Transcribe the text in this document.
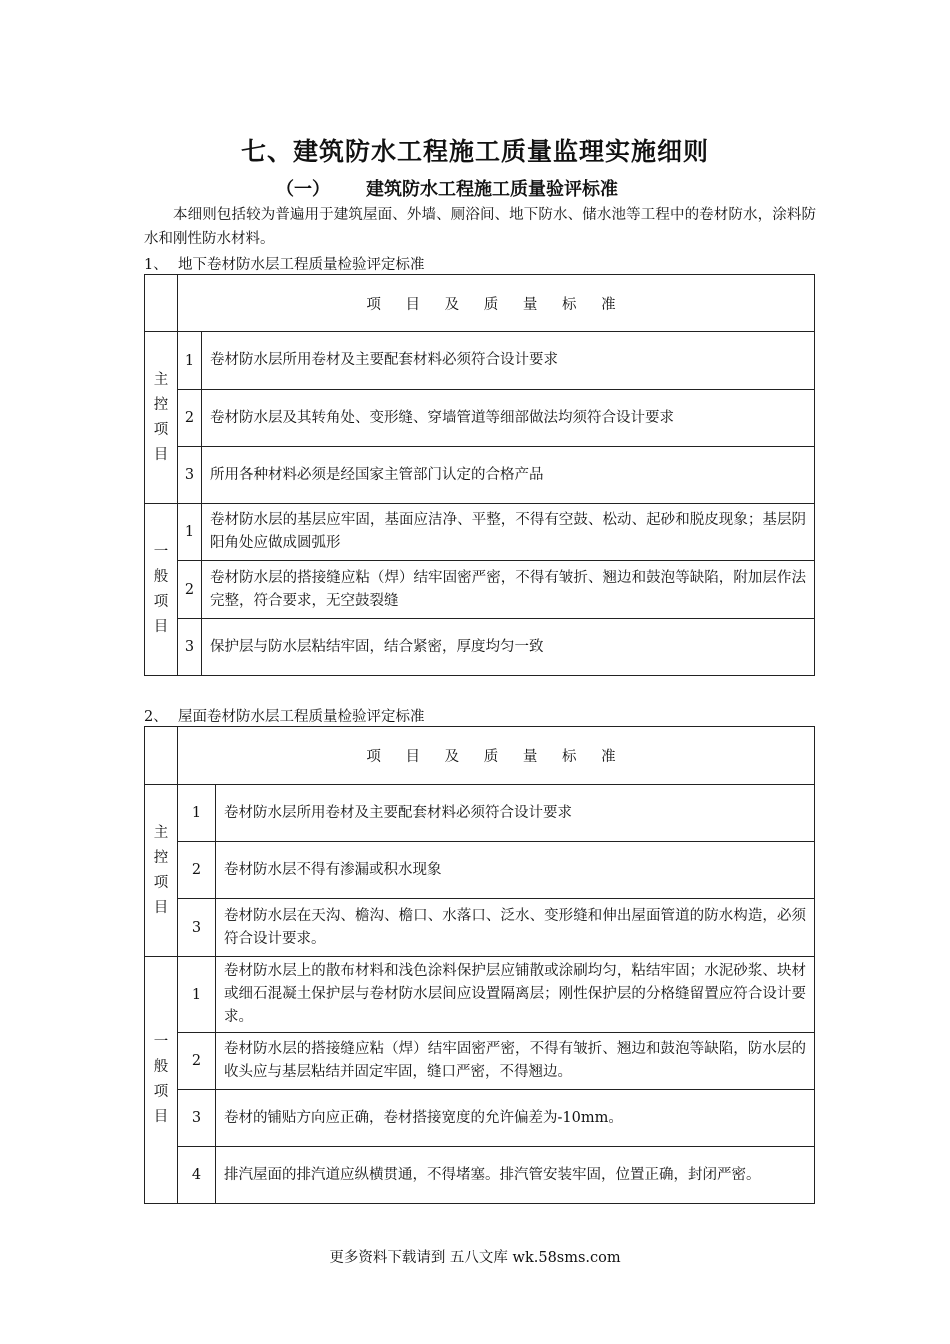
七、建筑防水工程施工质量监理实施细则
（一） 建筑防水工程施工质量验评标准
本细则包括较为普遍用于建筑屋面、外墙、厕浴间、地下防水、储水池等工程中的卷材防水，涂料防水和刚性防水材料。
1、 地下卷材防水层工程质量检验评定标准
	项 目 及 质 量 标 准	

主
控
项
目	1	卷材防水层所用卷材及主要配套材料必须符合设计要求
	2	卷材防水层及其转角处、变形缝、穿墙管道等细部做法均须符合设计要求
	3	所用各种材料必须是经国家主管部门认定的合格产品

一
般
项
目	1	卷材防水层的基层应牢固，基面应洁净、平整，不得有空鼓、松动、起砂和脱皮现象；基层阴阳角处应做成圆弧形
	2	卷材防水层的搭接缝应粘（焊）结牢固密严密，不得有皱折、翘边和鼓泡等缺陷，附加层作法完整，符合要求，无空鼓裂缝
	3	保护层与防水层粘结牢固，结合紧密，厚度均匀一致
2、 屋面卷材防水层工程质量检验评定标准
	项 目 及 质 量 标 准	

主
控
项
目	1	卷材防水层所用卷材及主要配套材料必须符合设计要求
	2	卷材防水层不得有渗漏或积水现象
	3	卷材防水层在天沟、檐沟、檐口、水落口、泛水、变形缝和伸出屋面管道的防水构造，必须符合设计要求。

一
般
项
目	1	卷材防水层上的散布材料和浅色涂料保护层应铺散或涂刷均匀，粘结牢固；水泥砂浆、块材或细石混凝土保护层与卷材防水层间应设置隔离层；刚性保护层的分格缝留置应符合设计要求。
	2	卷材防水层的搭接缝应粘（焊）结牢固密严密，不得有皱折、翘边和鼓泡等缺陷，防水层的收头应与基层粘结并固定牢固，缝口严密，不得翘边。
	3	卷材的铺贴方向应正确，卷材搭接宽度的允许偏差为-10mm。
	4	排汽屋面的排汽道应纵横贯通，不得堵塞。排汽管安装牢固，位置正确，封闭严密。
更多资料下载请到 五八文库 wk.58sms.com
